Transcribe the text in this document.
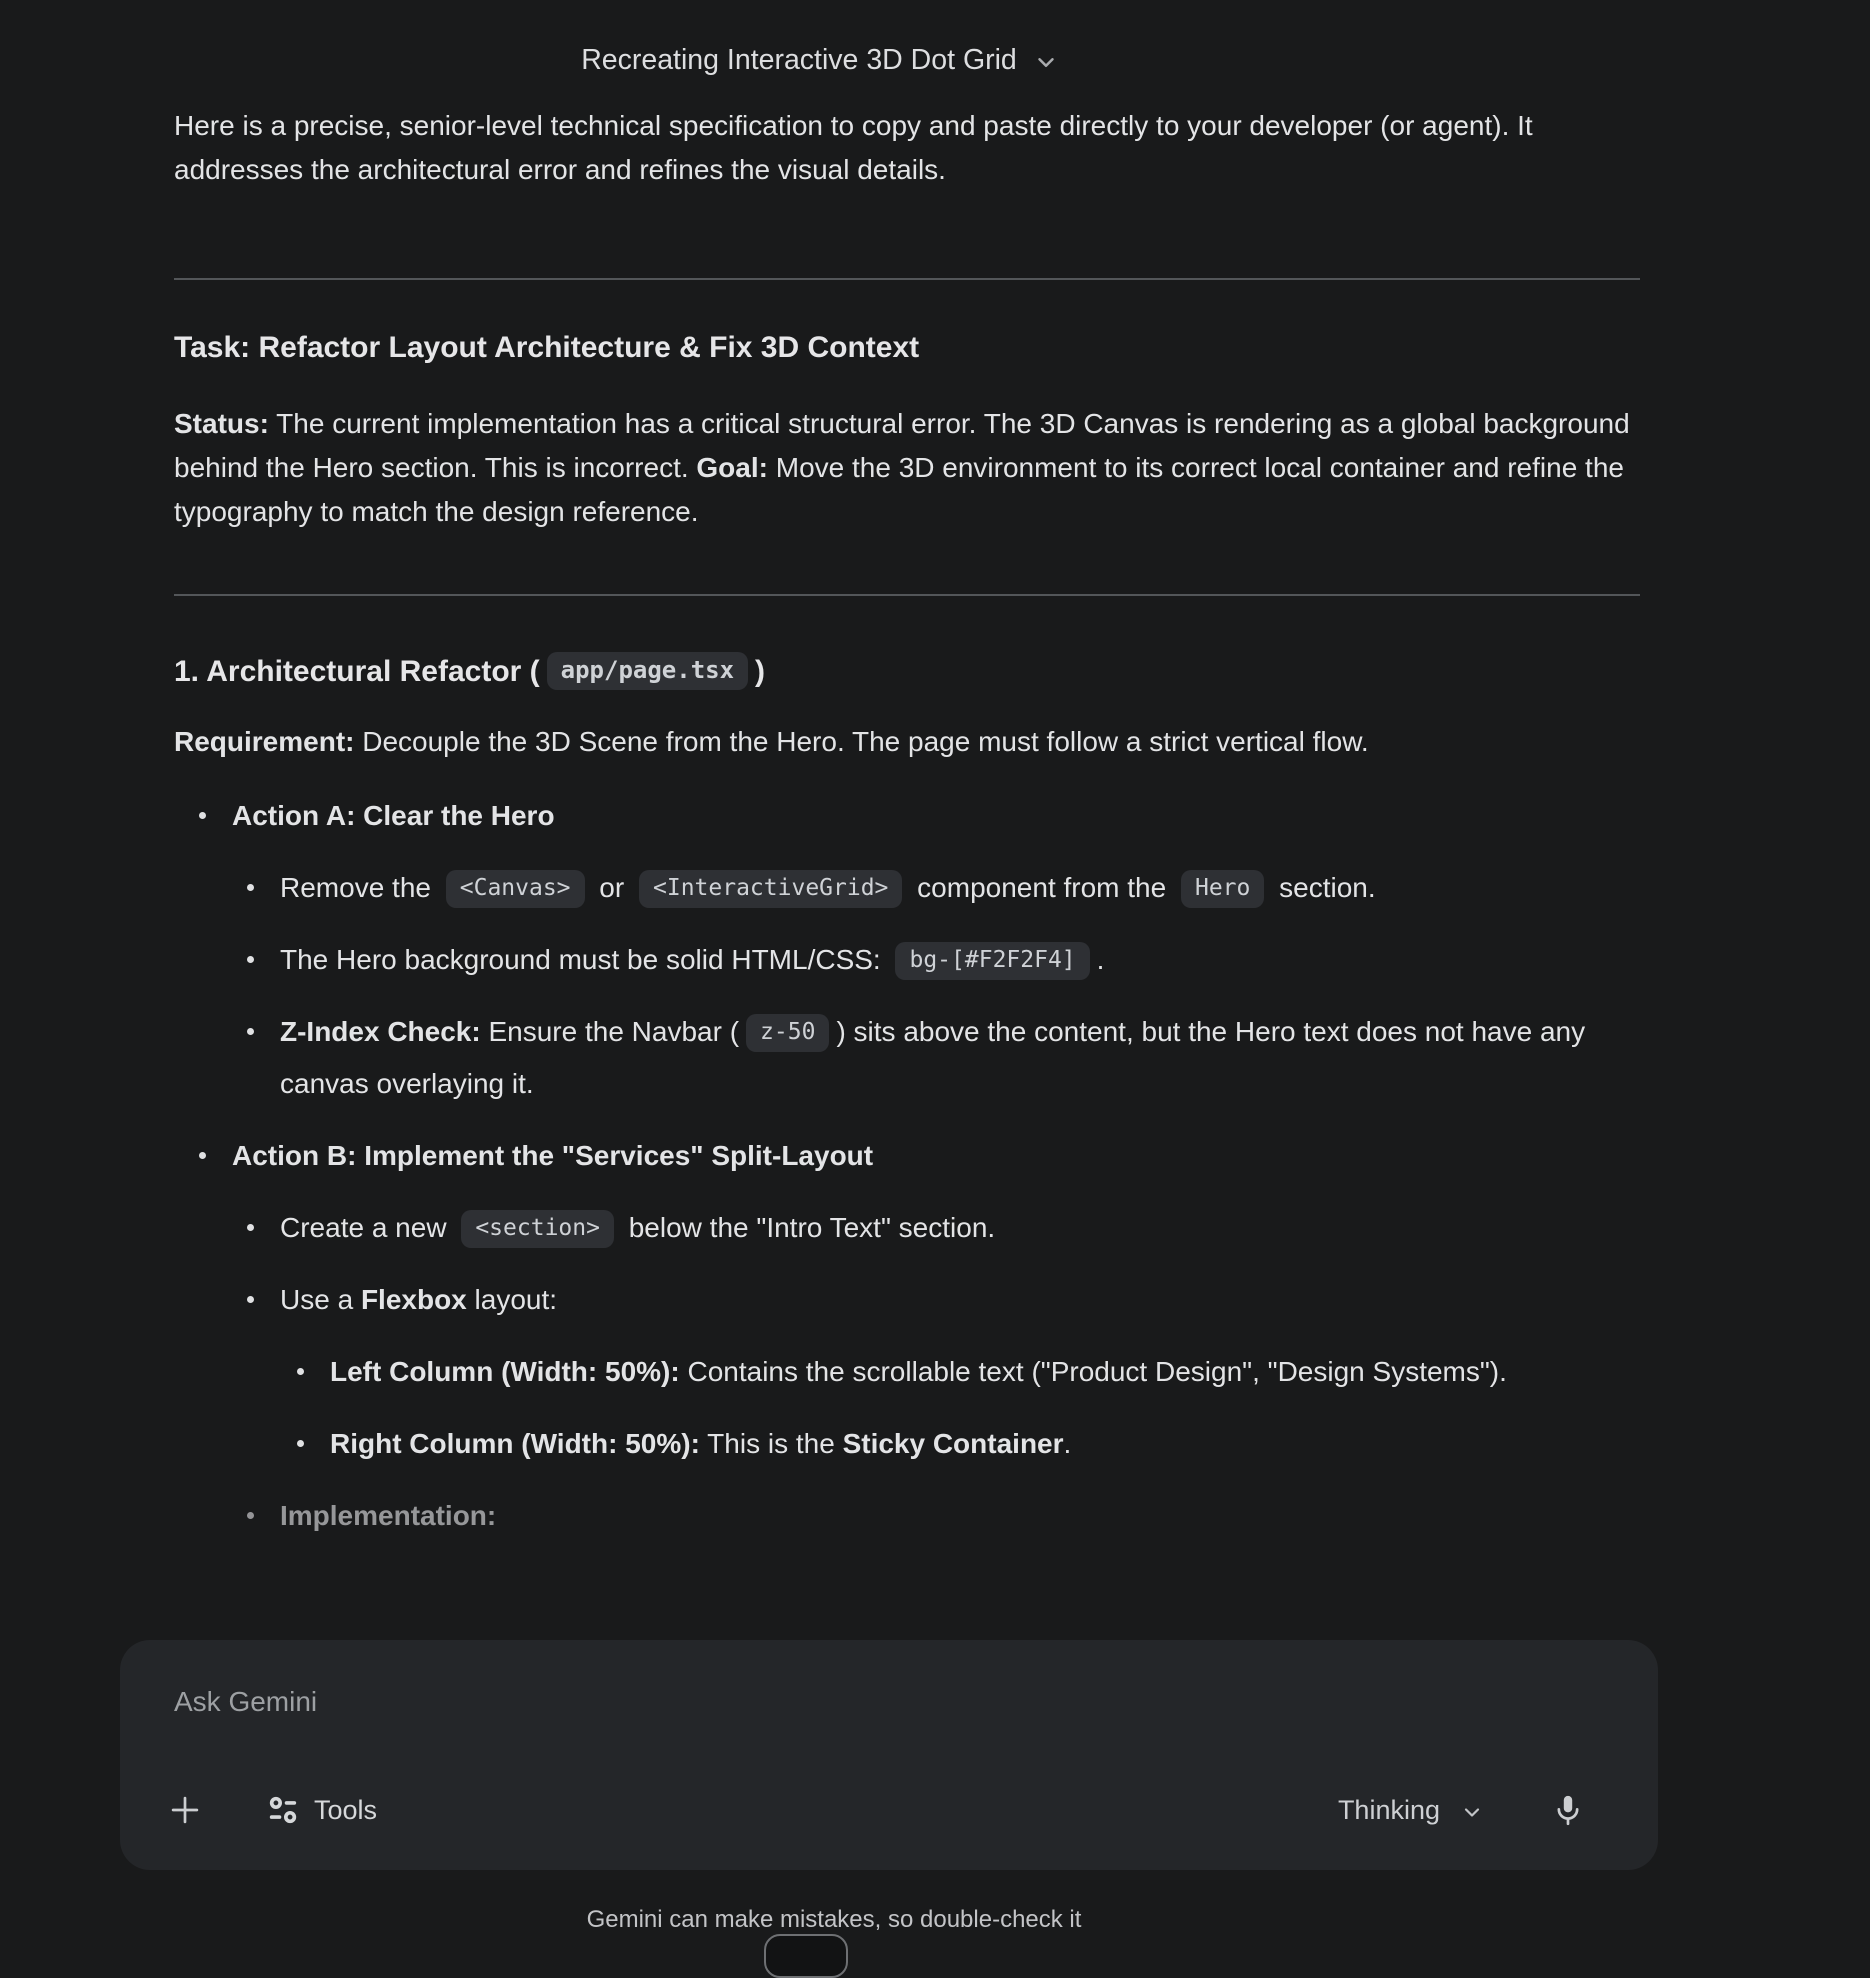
Recreating Interactive 3D Dot Grid

Here is a precise, senior-level technical specification to copy and paste directly to your developer (or agent). It addresses the architectural error and refines the visual details.

Task: Refactor Layout Architecture & Fix 3D Context

Status: The current implementation has a critical structural error. The 3D Canvas is rendering as a global background behind the Hero section. This is incorrect. Goal: Move the 3D environment to its correct local container and refine the typography to match the design reference.

1. Architectural Refactor ( app/page.tsx )

Requirement: Decouple the 3D Scene from the Hero. The page must follow a strict vertical flow.

Action A: Clear the Hero
Remove the <Canvas> or <InteractiveGrid> component from the Hero section.
The Hero background must be solid HTML/CSS: bg-[#F2F2F4] .
Z-Index Check: Ensure the Navbar ( z-50 ) sits above the content, but the Hero text does not have any canvas overlaying it.
Action B: Implement the "Services" Split-Layout
Create a new <section> below the "Intro Text" section.
Use a Flexbox layout:
Left Column (Width: 50%): Contains the scrollable text ("Product Design", "Design Systems").
Right Column (Width: 50%): This is the Sticky Container.
Implementation:
Ask Gemini
Tools	Thinking
Gemini can make mistakes, so double-check it
